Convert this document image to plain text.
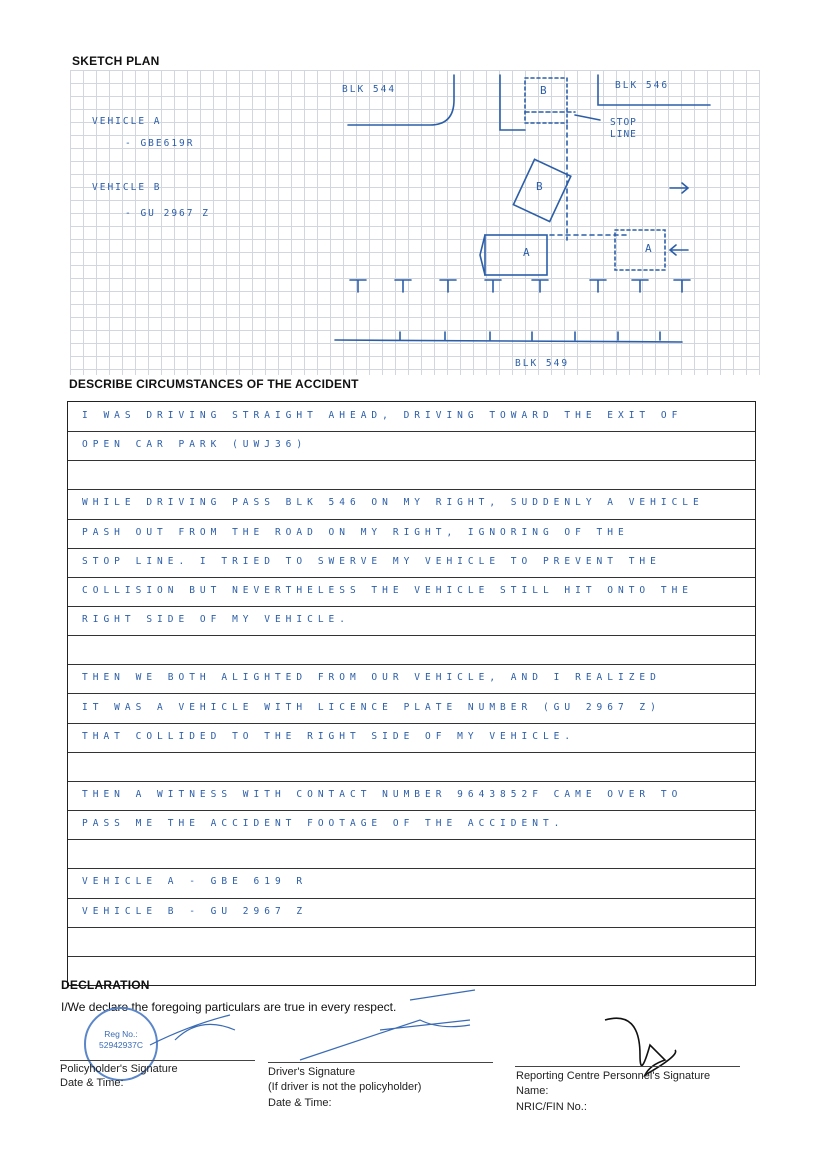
SKETCH PLAN
VEHICLE A
- GBE619R
VEHICLE B
- GU 2967 Z
BLK 544	BLK 546
STOP LINE
B
B
A	A
BLK 549
DESCRIBE CIRCUMSTANCES OF THE ACCIDENT
I WAS DRIVING STRAIGHT AHEAD, DRIVING TOWARD THE EXIT OF
OPEN CAR PARK (UWJ36)
WHILE DRIVING PASS BLK 546 ON MY RIGHT, SUDDENLY A VEHICLE
PASH OUT FROM THE ROAD ON MY RIGHT, IGNORING OF THE
STOP LINE. I TRIED TO SWERVE MY VEHICLE TO PREVENT THE
COLLISION BUT NEVERTHELESS THE VEHICLE STILL HIT ONTO THE
RIGHT SIDE OF MY VEHICLE.
THEN WE BOTH ALIGHTED FROM OUR VEHICLE, AND I REALIZED
IT WAS A VEHICLE WITH LICENCE PLATE NUMBER (GU 2967 Z)
THAT COLLIDED TO THE RIGHT SIDE OF MY VEHICLE.
THEN A WITNESS WITH CONTACT NUMBER 9643852F CAME OVER TO
PASS ME THE ACCIDENT FOOTAGE OF THE ACCIDENT.
VEHICLE A - GBE 619 R
VEHICLE B - GU 2967 Z
DECLARATION
I/We declare the foregoing particulars are true in every respect.
Reg No.: 52942937C
Policyholder's Signature
Date & Time:
Driver's Signature
(If driver is not the policyholder)
Date & Time:
Reporting Centre Personnel's Signature
Name:
NRIC/FIN No.:
